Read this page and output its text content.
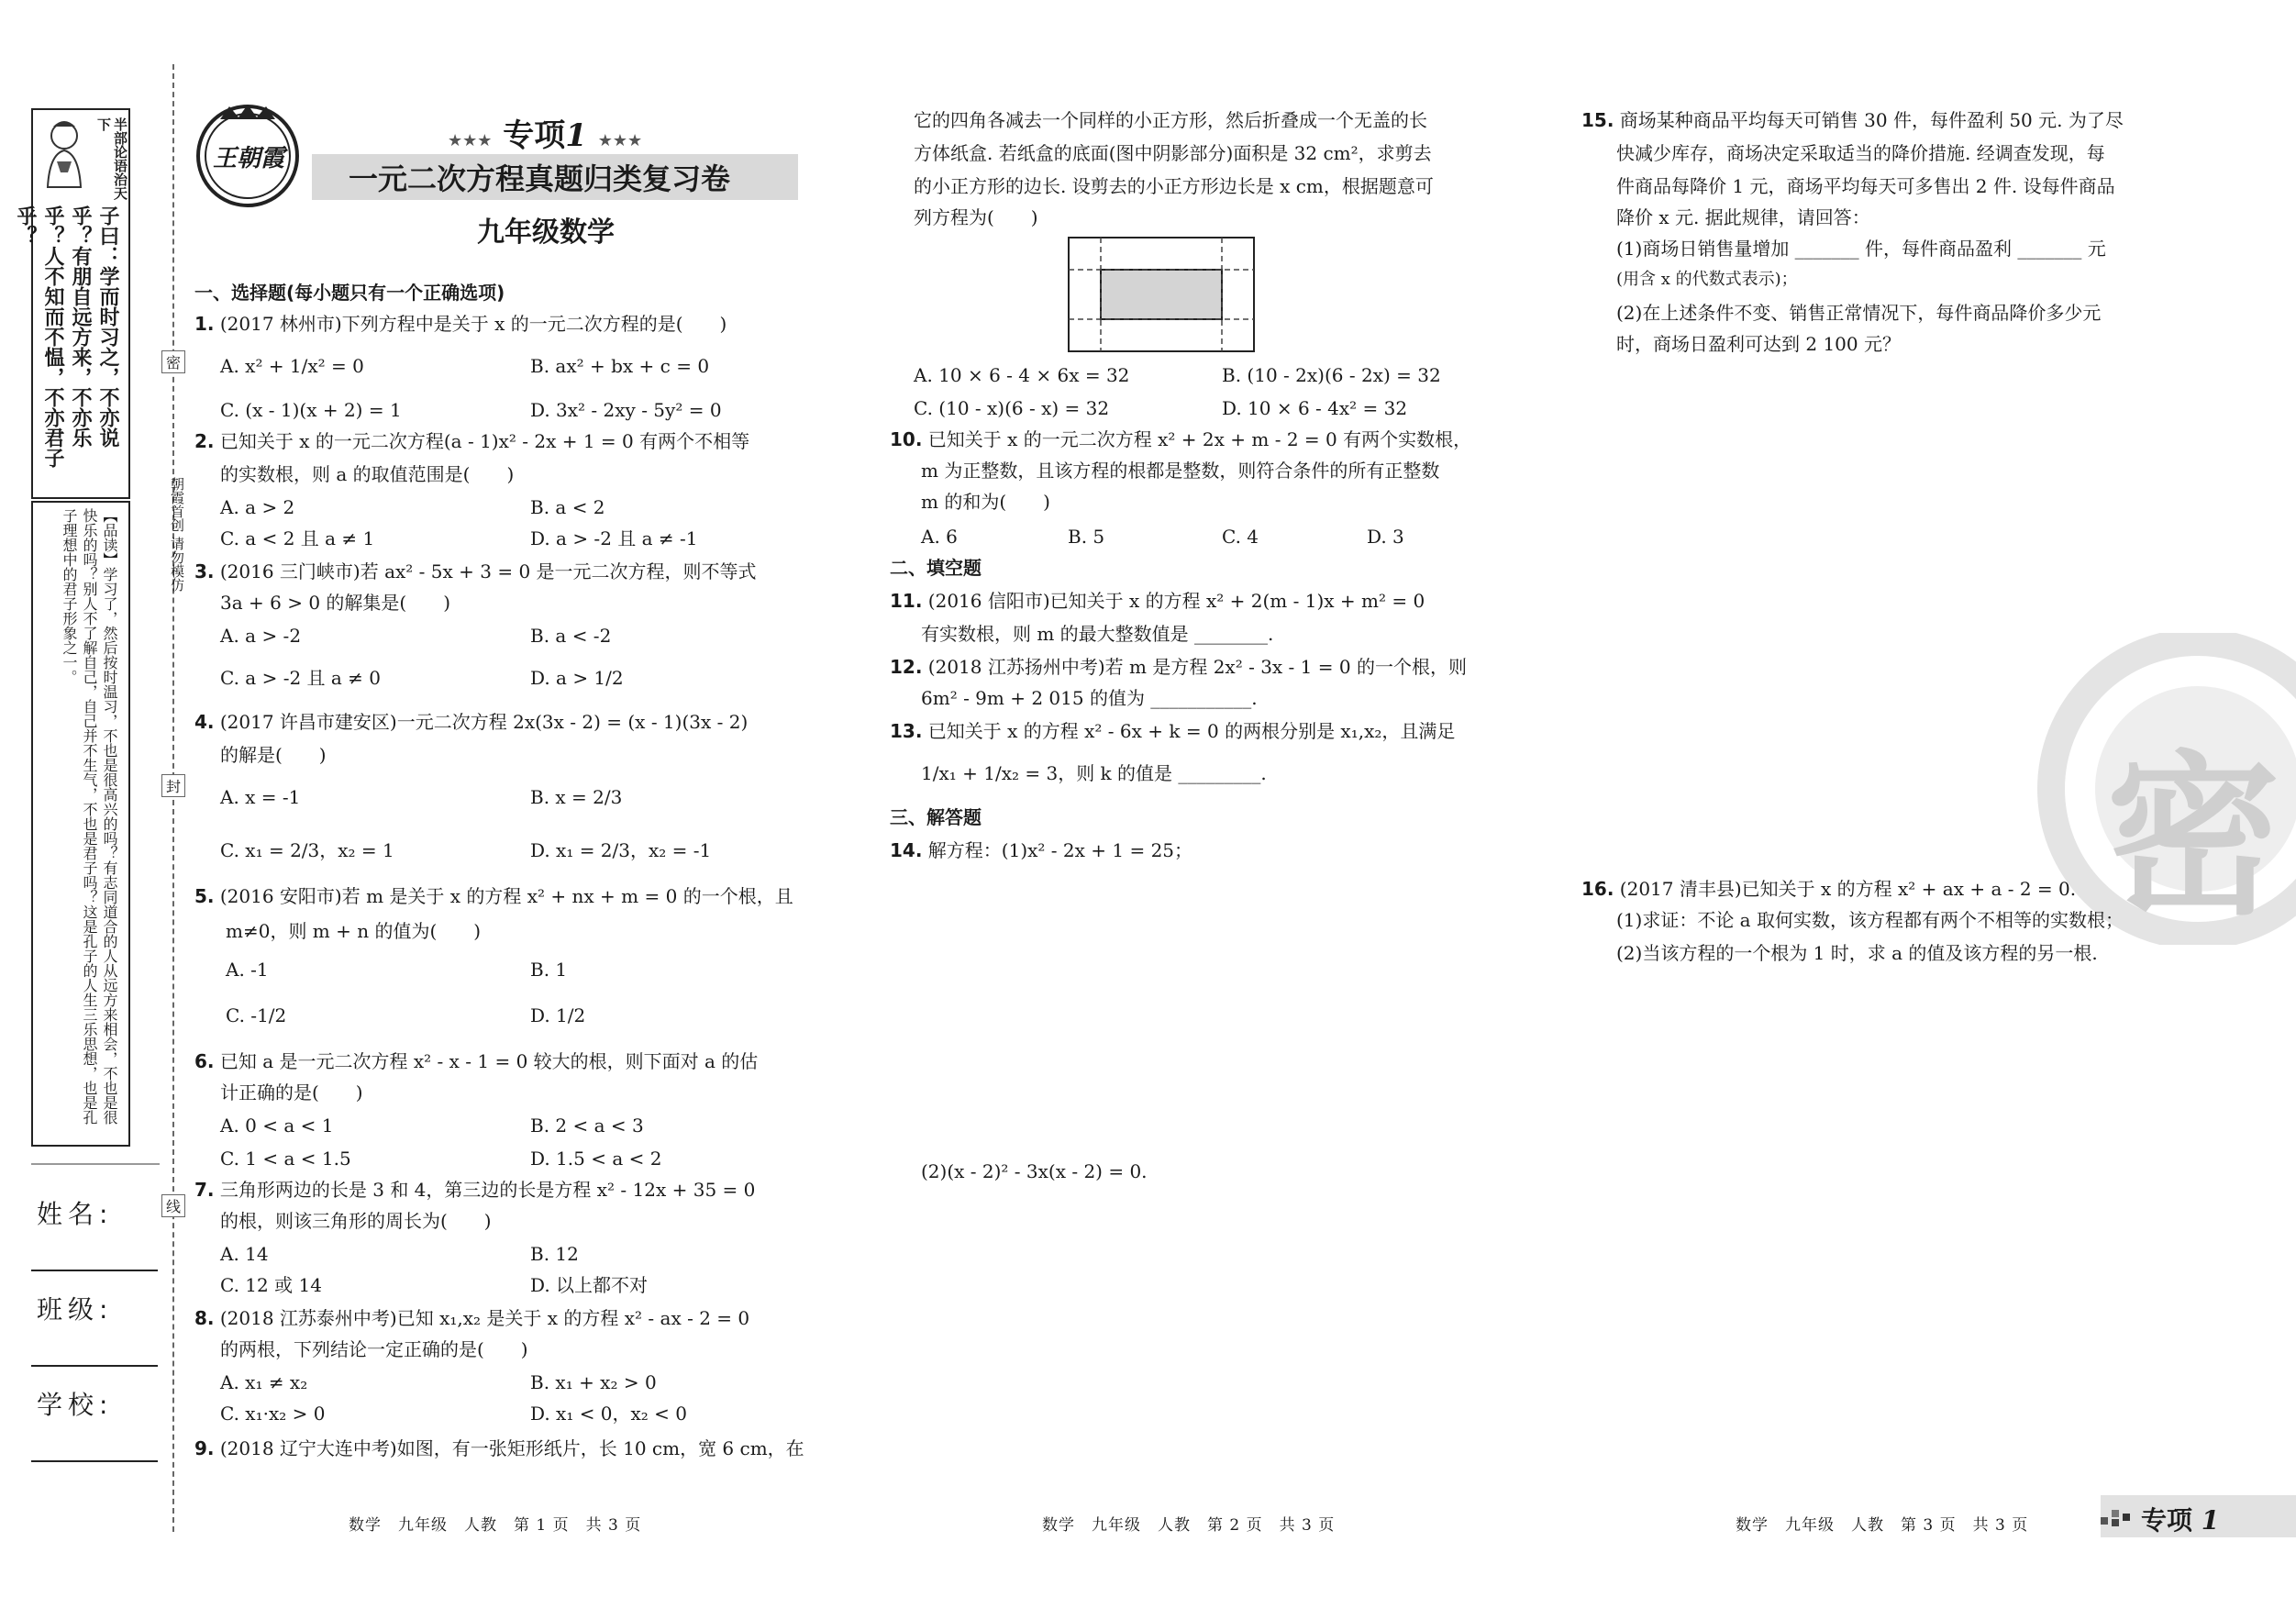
半部论语治天下
子曰：学而时习之，不亦说乎？有朋自远方来，不亦乐乎？人不知而不愠，不亦君子乎？
【品读】学习了，然后按时温习，不也是很高兴的吗？有志同道合的人从远方来相会，不也是很快乐的吗？别人不了解自己，自己并不生气，不也是君子吗？这是孔子的人生三乐思想，也是孔子理想中的君子形象之一。
姓名:
班级:
学校:
密
封
线
朝霞首创 请勿模仿
王朝霞
★★★ 专项1 ★★★
一元二次方程真题归类复习卷
九年级数学
一、选择题(每小题只有一个正确选项)
1. (2017 林州市)下列方程中是关于 x 的一元二次方程的是(　　)
A. x² + 1/x² = 0	B. ax² + bx + c = 0
C. (x - 1)(x + 2) = 1	D. 3x² - 2xy - 5y² = 0
2. 已知关于 x 的一元二次方程(a - 1)x² - 2x + 1 = 0 有两个不相等
的实数根，则 a 的取值范围是(　　)
A. a > 2	B. a < 2
C. a < 2 且 a ≠ 1	D. a > -2 且 a ≠ -1
3. (2016 三门峡市)若 ax² - 5x + 3 = 0 是一元二次方程，则不等式
3a + 6 > 0 的解集是(　　)
A. a > -2	B. a < -2
C. a > -2 且 a ≠ 0	D. a > 1/2
4. (2017 许昌市建安区)一元二次方程 2x(3x - 2) = (x - 1)(3x - 2)
的解是(　　)
A. x = -1	B. x = 2/3
C. x₁ = 2/3，x₂ = 1	D. x₁ = 2/3，x₂ = -1
5. (2016 安阳市)若 m 是关于 x 的方程 x² + nx + m = 0 的一个根，且
m≠0，则 m + n 的值为(　　)
A. -1	B. 1
C. -1/2	D. 1/2
6. 已知 a 是一元二次方程 x² - x - 1 = 0 较大的根，则下面对 a 的估
计正确的是(　　)
A. 0 < a < 1	B. 2 < a < 3
C. 1 < a < 1.5	D. 1.5 < a < 2
7. 三角形两边的长是 3 和 4，第三边的长是方程 x² - 12x + 35 = 0
的根，则该三角形的周长为(　　)
A. 14	B. 12
C. 12 或 14	D. 以上都不对
8. (2018 江苏泰州中考)已知 x₁,x₂ 是关于 x 的方程 x² - ax - 2 = 0
的两根，下列结论一定正确的是(　　)
A. x₁ ≠ x₂	B. x₁ + x₂ > 0
C. x₁·x₂ > 0	D. x₁ < 0，x₂ < 0
9. (2018 辽宁大连中考)如图，有一张矩形纸片，长 10 cm，宽 6 cm，在
数学　九年级　人教　第 1 页　共 3 页
它的四角各减去一个同样的小正方形，然后折叠成一个无盖的长
方体纸盒. 若纸盒的底面(图中阴影部分)面积是 32 cm²，求剪去
的小正方形的边长. 设剪去的小正方形边长是 x cm，根据题意可
列方程为(　　)
A. 10 × 6 - 4 × 6x = 32	B. (10 - 2x)(6 - 2x) = 32
C. (10 - x)(6 - x) = 32	D. 10 × 6 - 4x² = 32
10. 已知关于 x 的一元二次方程 x² + 2x + m - 2 = 0 有两个实数根，
m 为正整数，且该方程的根都是整数，则符合条件的所有正整数
m 的和为(　　)
A. 6	B. 5	C. 4	D. 3
二、填空题
11. (2016 信阳市)已知关于 x 的方程 x² + 2(m - 1)x + m² = 0
有实数根，则 m 的最大整数值是 ________.
12. (2018 江苏扬州中考)若 m 是方程 2x² - 3x - 1 = 0 的一个根，则
6m² - 9m + 2 015 的值为 ___________.
13. 已知关于 x 的方程 x² - 6x + k = 0 的两根分别是 x₁,x₂，且满足
1/x₁ + 1/x₂ = 3，则 k 的值是 _________.
三、解答题
14. 解方程：(1)x² - 2x + 1 = 25；
(2)(x - 2)² - 3x(x - 2) = 0.
数学　九年级　人教　第 2 页　共 3 页
15. 商场某种商品平均每天可销售 30 件，每件盈利 50 元. 为了尽
快减少库存，商场决定采取适当的降价措施. 经调查发现，每
件商品每降价 1 元，商场平均每天可多售出 2 件. 设每件商品
降价 x 元. 据此规律，请回答：
(1)商场日销售量增加 _______ 件，每件商品盈利 _______ 元
(用含 x 的代数式表示)；
(2)在上述条件不变、销售正常情况下，每件商品降价多少元
时，商场日盈利可达到 2 100 元？
密
16. (2017 清丰县)已知关于 x 的方程 x² + ax + a - 2 = 0.
(1)求证：不论 a 取何实数，该方程都有两个不相等的实数根；
(2)当该方程的一个根为 1 时，求 a 的值及该方程的另一根.
数学　九年级　人教　第 3 页　共 3 页	专项 1
